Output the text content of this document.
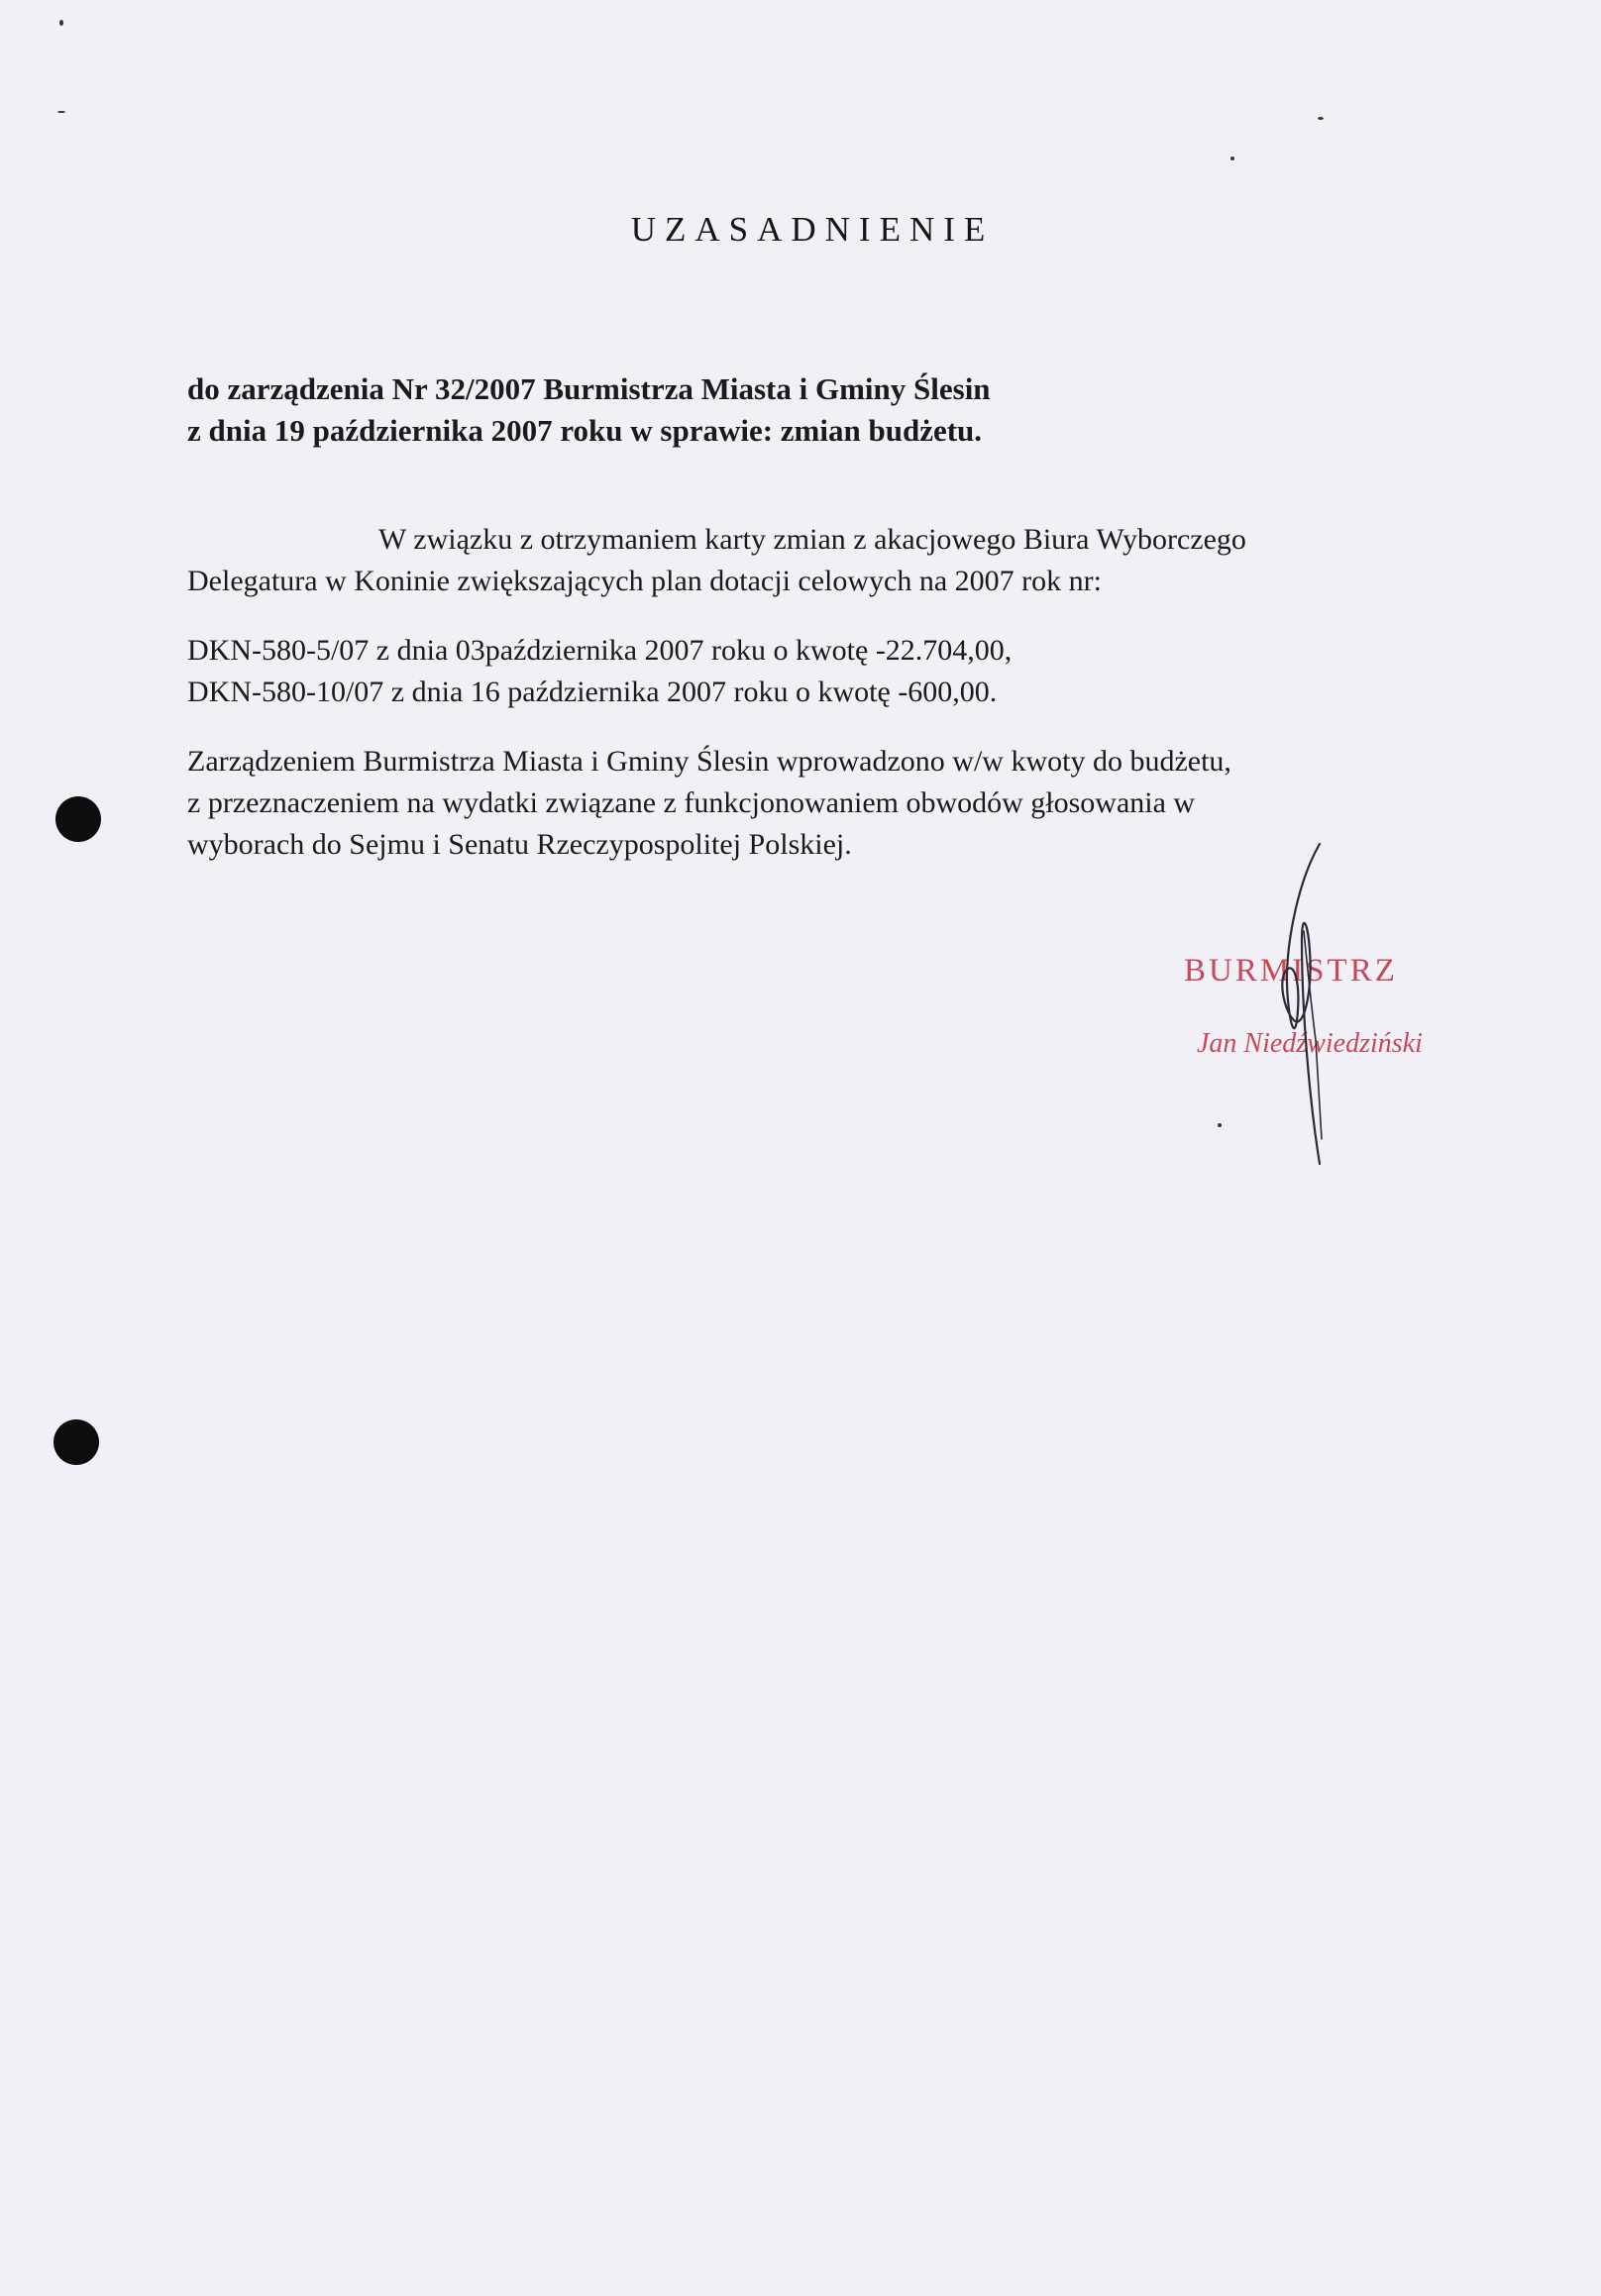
UZASADNIENIE
do zarządzenia Nr 32/2007 Burmistrza Miasta i Gminy Ślesin
z dnia 19 października 2007 roku w sprawie: zmian budżetu.
W związku z otrzymaniem karty zmian z akacjowego Biura Wyborczego
Delegatura w Koninie zwiększających plan dotacji celowych na 2007 rok nr:
DKN-580-5/07 z dnia 03października 2007 roku o kwotę -22.704,00,
DKN-580-10/07 z dnia 16 października 2007 roku o kwotę -600,00.
Zarządzeniem Burmistrza Miasta i Gminy Ślesin wprowadzono w/w kwoty do budżetu,
z przeznaczeniem na wydatki związane z funkcjonowaniem obwodów głosowania w
wyborach do Sejmu i Senatu Rzeczypospolitej Polskiej.
BURMISTRZ
Jan Niedźwiedziński
